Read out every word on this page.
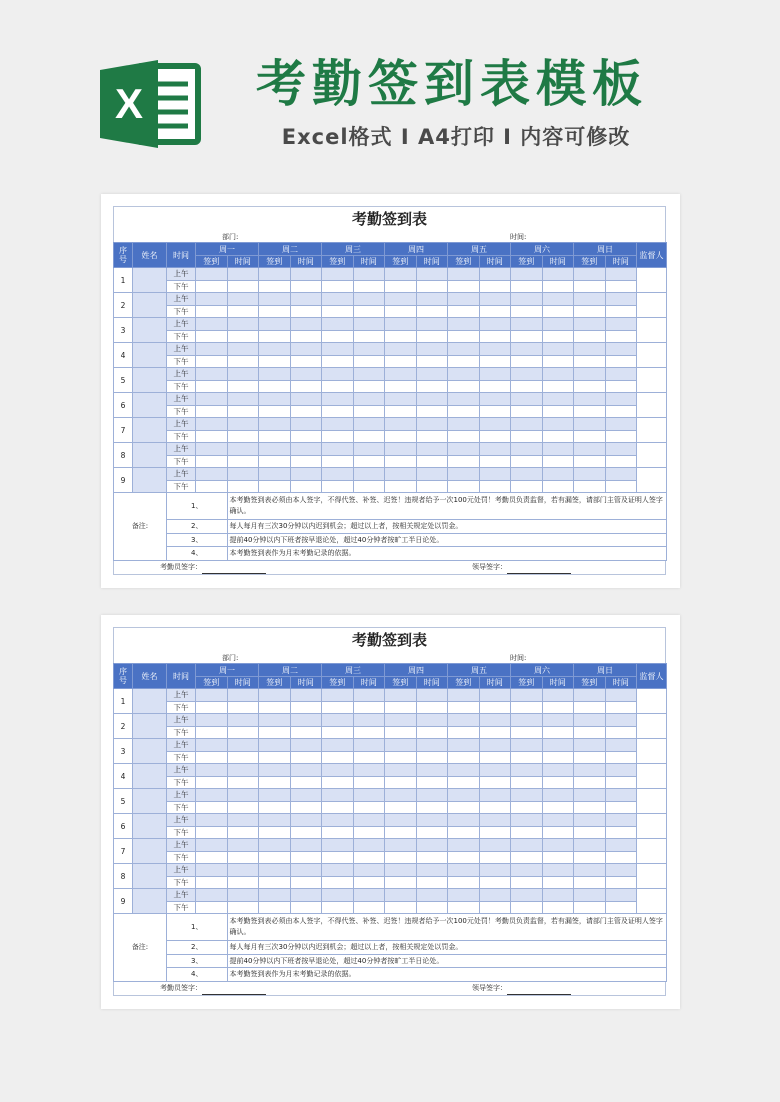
X 考勤签到表模板
Excel格式 I A4打印 I 内容可修改
考勤签到表
部门:	时间:
序号	姓名	时间	周一		周二		周三		周四		周五		周六		周日		监督人
			签到	时间	签到	时间	签到	时间	签到	时间	签到	时间	签到	时间	签到	时间	
1		上午															
		下午															
2		上午															
		下午															
3		上午															
		下午															
4		上午															
		下午															
5		上午															
		下午															
6		上午															
		下午															
7		上午															
		下午															
8		上午															
		下午															
9		上午															
		下午															
备注:		1、		本考勤签到表必须由本人签字，不得代签、补签、迟签！违规者给予一次100元处罚！考勤员负责监督，若有漏签，请部门主管及证明人签字确认。													
		2、		每人每月有三次30分钟以内迟到机会；超过以上者，按相关规定处以罚金。													
		3、		提前40分钟以内下班者按早退论处，超过40分钟者按旷工半日论处。													
		4、		本考勤签到表作为月末考勤记录的依据。													
考勤员签字：	领导签字：
考勤签到表
部门:	时间:
序号	姓名	时间	周一		周二		周三		周四		周五		周六		周日		监督人
			签到	时间	签到	时间	签到	时间	签到	时间	签到	时间	签到	时间	签到	时间	
1		上午															
		下午															
2		上午															
		下午															
3		上午															
		下午															
4		上午															
		下午															
5		上午															
		下午															
6		上午															
		下午															
7		上午															
		下午															
8		上午															
		下午															
9		上午															
		下午															
备注:		1、		本考勤签到表必须由本人签字，不得代签、补签、迟签！违规者给予一次100元处罚！考勤员负责监督，若有漏签，请部门主管及证明人签字确认。													
		2、		每人每月有三次30分钟以内迟到机会；超过以上者，按相关规定处以罚金。													
		3、		提前40分钟以内下班者按早退论处，超过40分钟者按旷工半日论处。													
		4、		本考勤签到表作为月末考勤记录的依据。													
考勤员签字：	领导签字：
